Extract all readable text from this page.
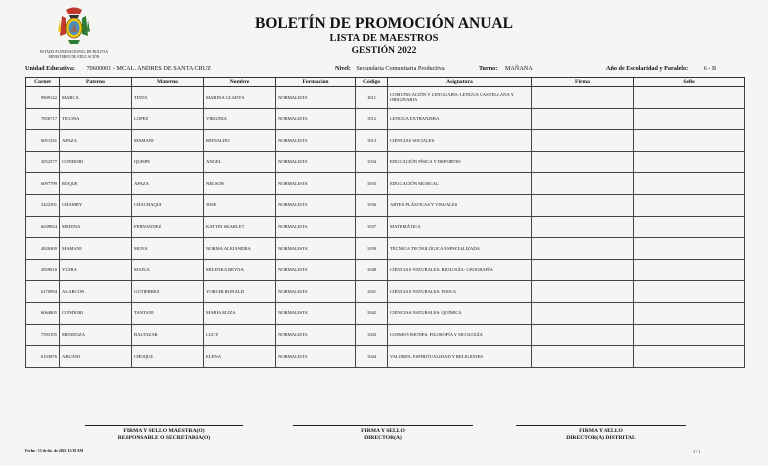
ESTADO PLURINACIONAL DE BOLIVIA
MINISTERIO DE EDUCACIÓN
BOLETÍN DE PROMOCIÓN ANUAL
LISTA DE MAESTROS
GESTIÓN 2022
Unidad Educativa: 70600001 - MCAL. ANDRES DE SANTA CRUZ	Nivel: Secundaria Comunitaria Productiva	Turno: MAÑANA	Año de Escolaridad y Paralelo:	6 - B
Carnet	Paterno	Materno	Nombre	Formacion	Código	Asignatura	Firma	Sello
9809142	MARCA	TINTA	MARINA GLADYS	NORMALISTA	1011	COMUNICACIÓN Y LENGUAJES: LENGUA CASTELLANA Y ORIGINARIA		
7856717	TICONA	LOPEZ	VIRGINIA	NORMALISTA	1012	LENGUA EXTRANJERA		
6051541	APAZA	MAMANI	REINALDO	NORMALISTA	1013	CIENCIAS SOCIALES		
3052577	CONDORI	QUISPE	ANGEL	NORMALISTA	1034	EDUCACIÓN FÍSICA Y DEPORTES		
6097799	ROQUE	APAZA	NELSON	NORMALISTA	1035	EDUCACIÓN MUSICAL		
3422391	CHAMBY	CHACHAQUI	JOSE	NORMALISTA	1036	ARTES PLÁSTICAS Y VISUALES		
6039824	MEDINA	FERNANDEZ	KATTIN SKARLET	NORMALISTA	1037	MATEMÁTICA		
4820409	MAMANI	MOYA	NORMA ALEJANDRA	NORMALISTA	1039	TÉCNICA TECNOLÓGICA ESPECIALIZADA		
4959610	YUJRA	MAJUA	MILENKA REYNA	NORMALISTA	1040	CIENCIAS NATURALES: BIOLOGÍA- GEOGRAFÍA		
6170994	ALARCON	GUTIERREZ	YORCHI RONALD	NORMALISTA	1041	CIENCIAS NATURALES: FISICA		
6064805	CONDORI	TANTANI	MARIA ELIZA	NORMALISTA	1042	CIENCIAS NATURALES: QUÍMICA		
7593105	MENDOZA	BALTAZAR	LUCY	NORMALISTA	1043	COSMOVISIONES, FILOSOFÍA Y SICOLOGÍA		
6103876	ARUANI	CHOQUE	ELENA	NORMALISTA	1044	VALORES, ESPIRITUALIDAD Y RELIGIONES		
FIRMA Y SELLO MAESTRA(O)
RESPONSABLE O SECRETARIA(O)
FIRMA Y SELLO
DIRECTOR(A)
FIRMA Y SELLO
DIRECTOR(A) DISTRITAL
Fecha - 13 de dic. de 2022 11:39 AM	1 / 1
